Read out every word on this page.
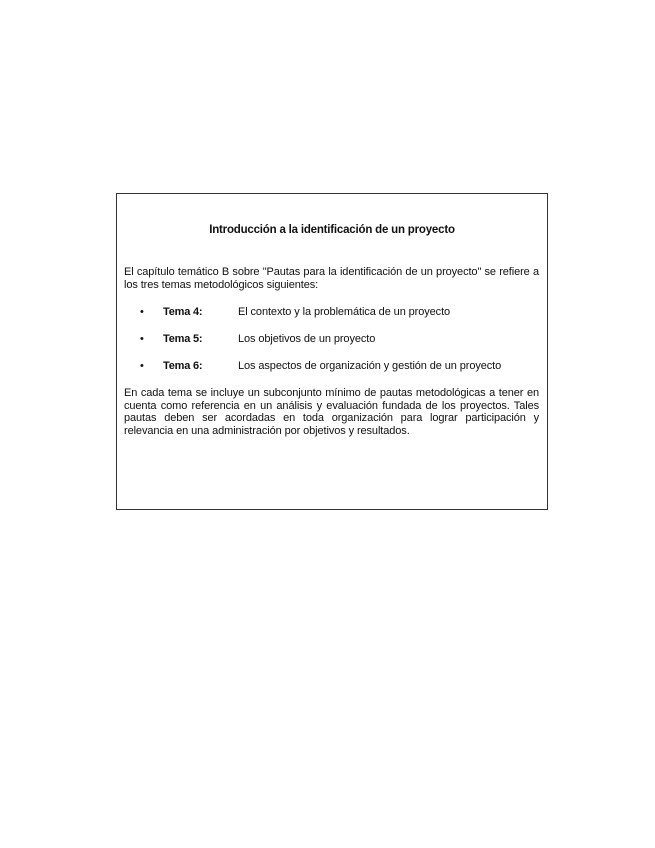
Introducción a la identificación de un proyecto
El capítulo temático B sobre "Pautas para la identificación de un proyecto" se refiere a los tres temas metodológicos siguientes:
• Tema 4:	El contexto y la problemática de un proyecto
• Tema 5:	Los objetivos de un proyecto
• Tema 6:	Los aspectos de organización y gestión de un proyecto
En cada tema se incluye un subconjunto mínimo de pautas metodológicas a tener en cuenta como referencia en un análisis y evaluación fundada de los proyectos. Tales pautas deben ser acordadas en toda organización para lograr participación y relevancia en una administración por objetivos y resultados.
